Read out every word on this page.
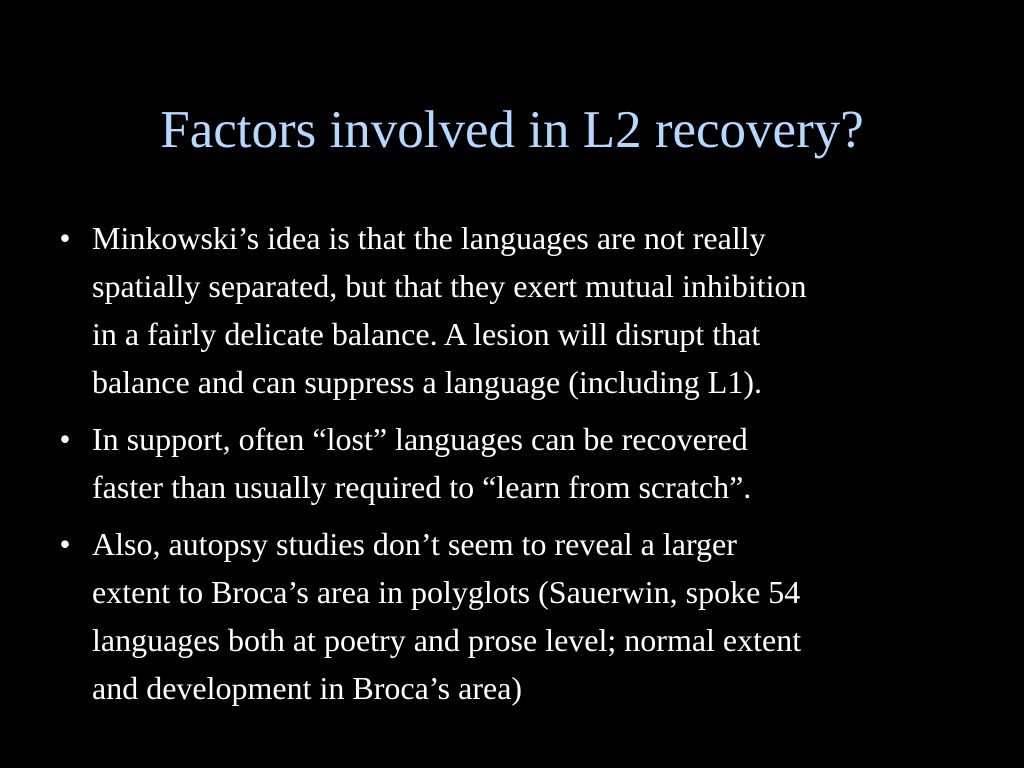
Factors involved in L2 recovery?
• Minkowski’s idea is that the languages are not really
spatially separated, but that they exert mutual inhibition
in a fairly delicate balance. A lesion will disrupt that
balance and can suppress a language (including L1).
• In support, often “lost” languages can be recovered
faster than usually required to “learn from scratch”.
• Also, autopsy studies don’t seem to reveal a larger
extent to Broca’s area in polyglots (Sauerwin, spoke 54
languages both at poetry and prose level; normal extent
and development in Broca’s area)
